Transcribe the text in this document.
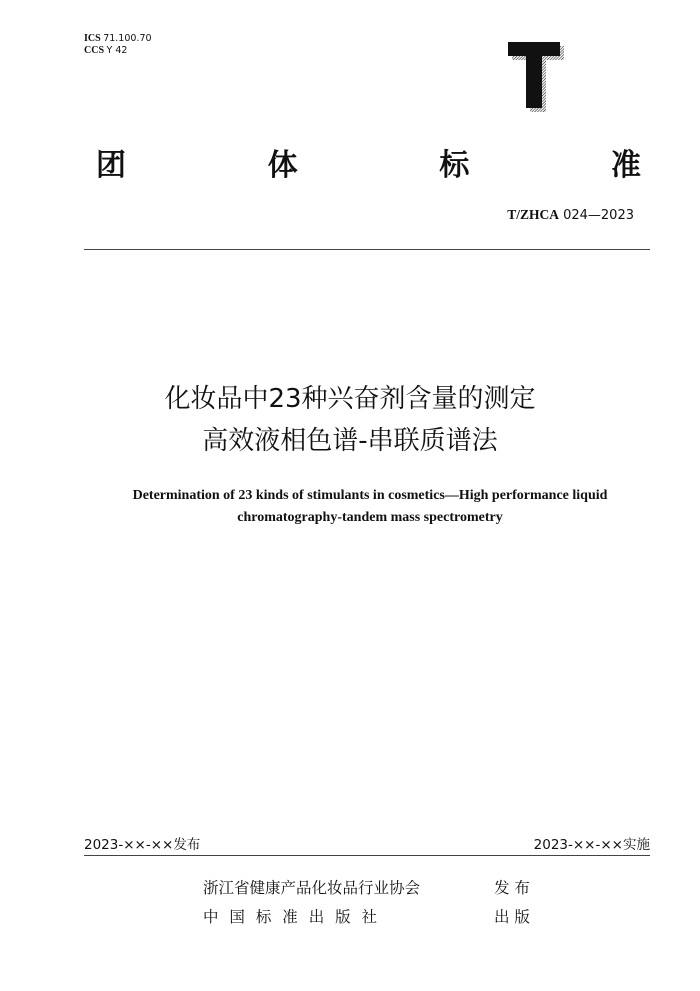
ICS 71.100.70
CCS Y 42
团	体	标	准
T/ZHCA 024—2023
化妆品中23种兴奋剂含量的测定
高效液相色谱-串联质谱法
Determination of 23 kinds of stimulants in cosmetics—High performance liquid
chromatography-tandem mass spectrometry
2023-××-××发布	2023-××-××实施
浙江省健康产品化妆品行业协会	发 布
中 国 标 准 出 版 社	出 版
